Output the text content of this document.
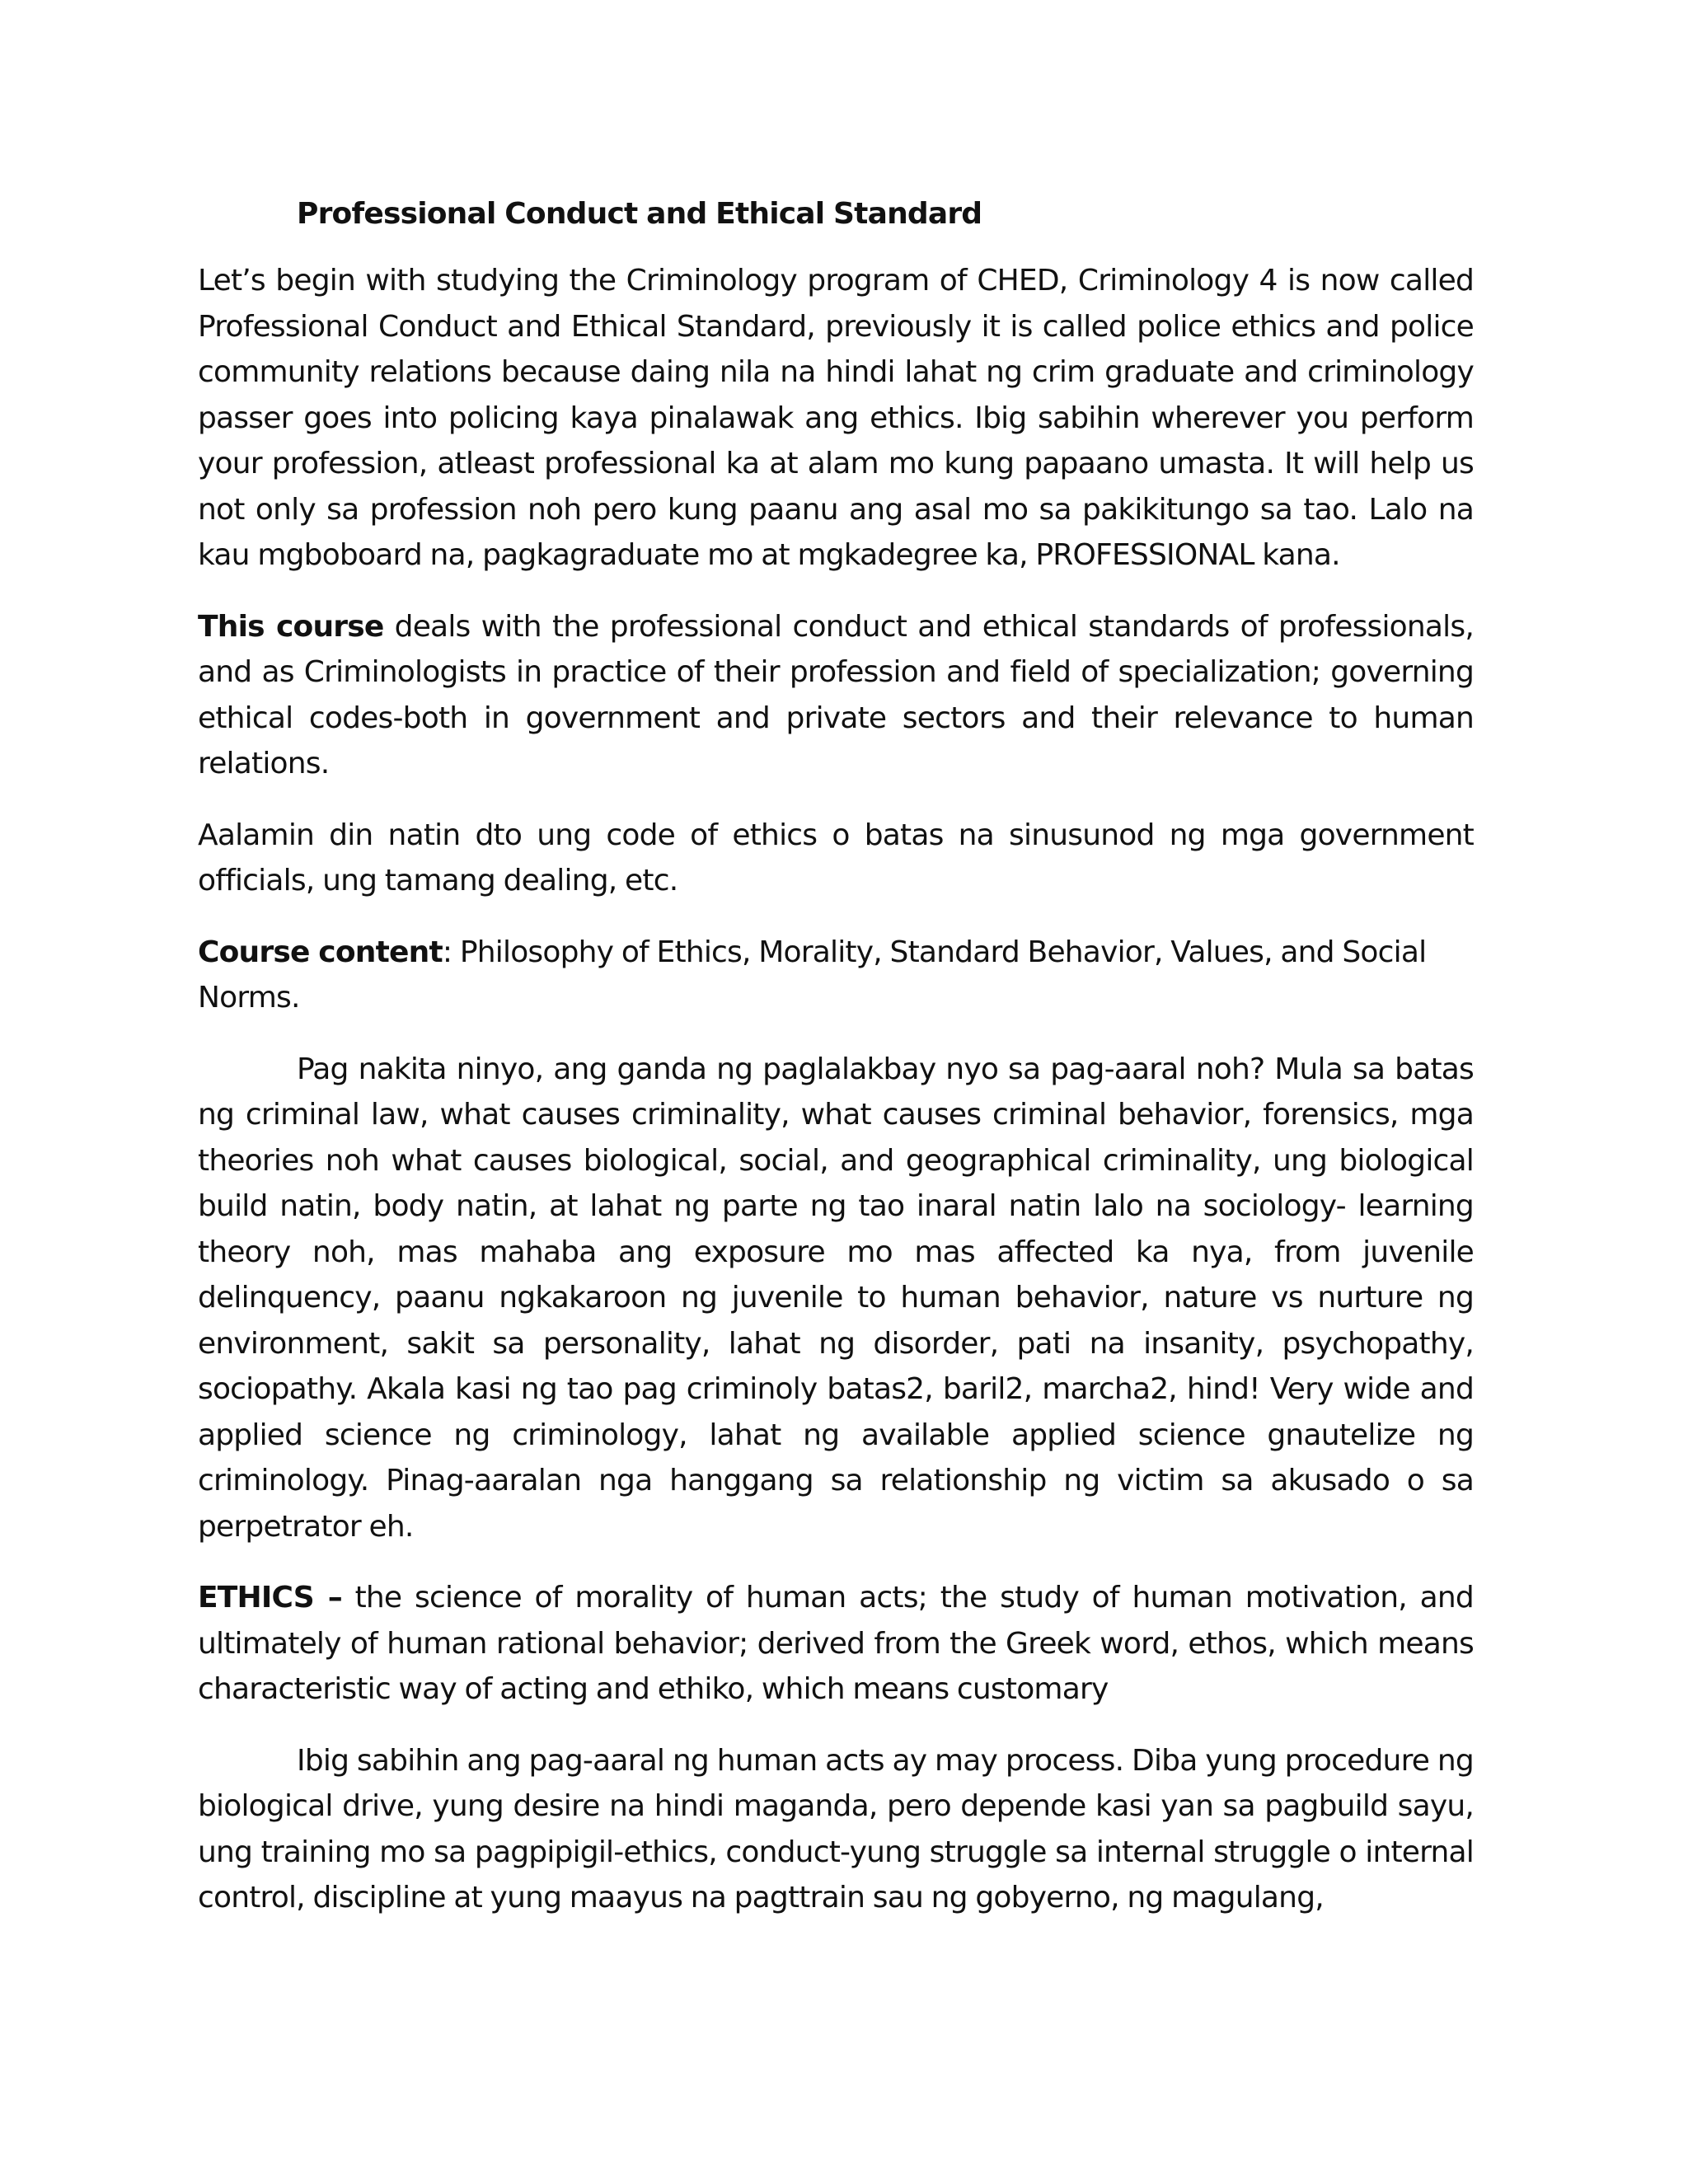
Professional Conduct and Ethical Standard

Let’s begin with studying the Criminology program of CHED, Criminology 4 is now called Professional Conduct and Ethical Standard, previously it is called police ethics and police community relations because daing nila na hindi lahat ng crim graduate and criminology passer goes into policing kaya pinalawak ang ethics. Ibig sabihin wherever you perform your profession, atleast professional ka at alam mo kung papaano umasta. It will help us not only sa profession noh pero kung paanu ang asal mo sa pakikitungo sa tao. Lalo na kau mgboboard na, pagkagraduate mo at mgkadegree ka, PROFESSIONAL kana.

This course deals with the professional conduct and ethical standards of professionals, and as Criminologists in practice of their profession and field of specialization; governing ethical codes-both in government and private sectors and their relevance to human relations.

Aalamin din natin dto ung code of ethics o batas na sinusunod ng mga government officials, ung tamang dealing, etc.

Course content: Philosophy of Ethics, Morality, Standard Behavior, Values, and Social Norms.

Pag nakita ninyo, ang ganda ng paglalakbay nyo sa pag-aaral noh? Mula sa batas ng criminal law, what causes criminality, what causes criminal behavior, forensics, mga theories noh what causes biological, social, and geographical criminality, ung biological build natin, body natin, at lahat ng parte ng tao inaral natin lalo na sociology- learning theory noh, mas mahaba ang exposure mo mas affected ka nya, from juvenile delinquency, paanu ngkakaroon ng juvenile to human behavior, nature vs nurture ng environment, sakit sa personality, lahat ng disorder, pati na insanity, psychopathy, sociopathy. Akala kasi ng tao pag criminoly batas2, baril2, marcha2, hind! Very wide and applied science ng criminology, lahat ng available applied science gnautelize ng criminology. Pinag-aaralan nga hanggang sa relationship ng victim sa akusado o sa perpetrator eh.

ETHICS – the science of morality of human acts; the study of human motivation, and ultimately of human rational behavior; derived from the Greek word, ethos, which means characteristic way of acting and ethiko, which means customary

Ibig sabihin ang pag-aaral ng human acts ay may process. Diba yung procedure ng biological drive, yung desire na hindi maganda, pero depende kasi yan sa pagbuild sayu, ung training mo sa pagpipigil-ethics, conduct-yung struggle sa internal struggle o internal control, discipline at yung maayus na pagttrain sau ng gobyerno, ng magulang,
